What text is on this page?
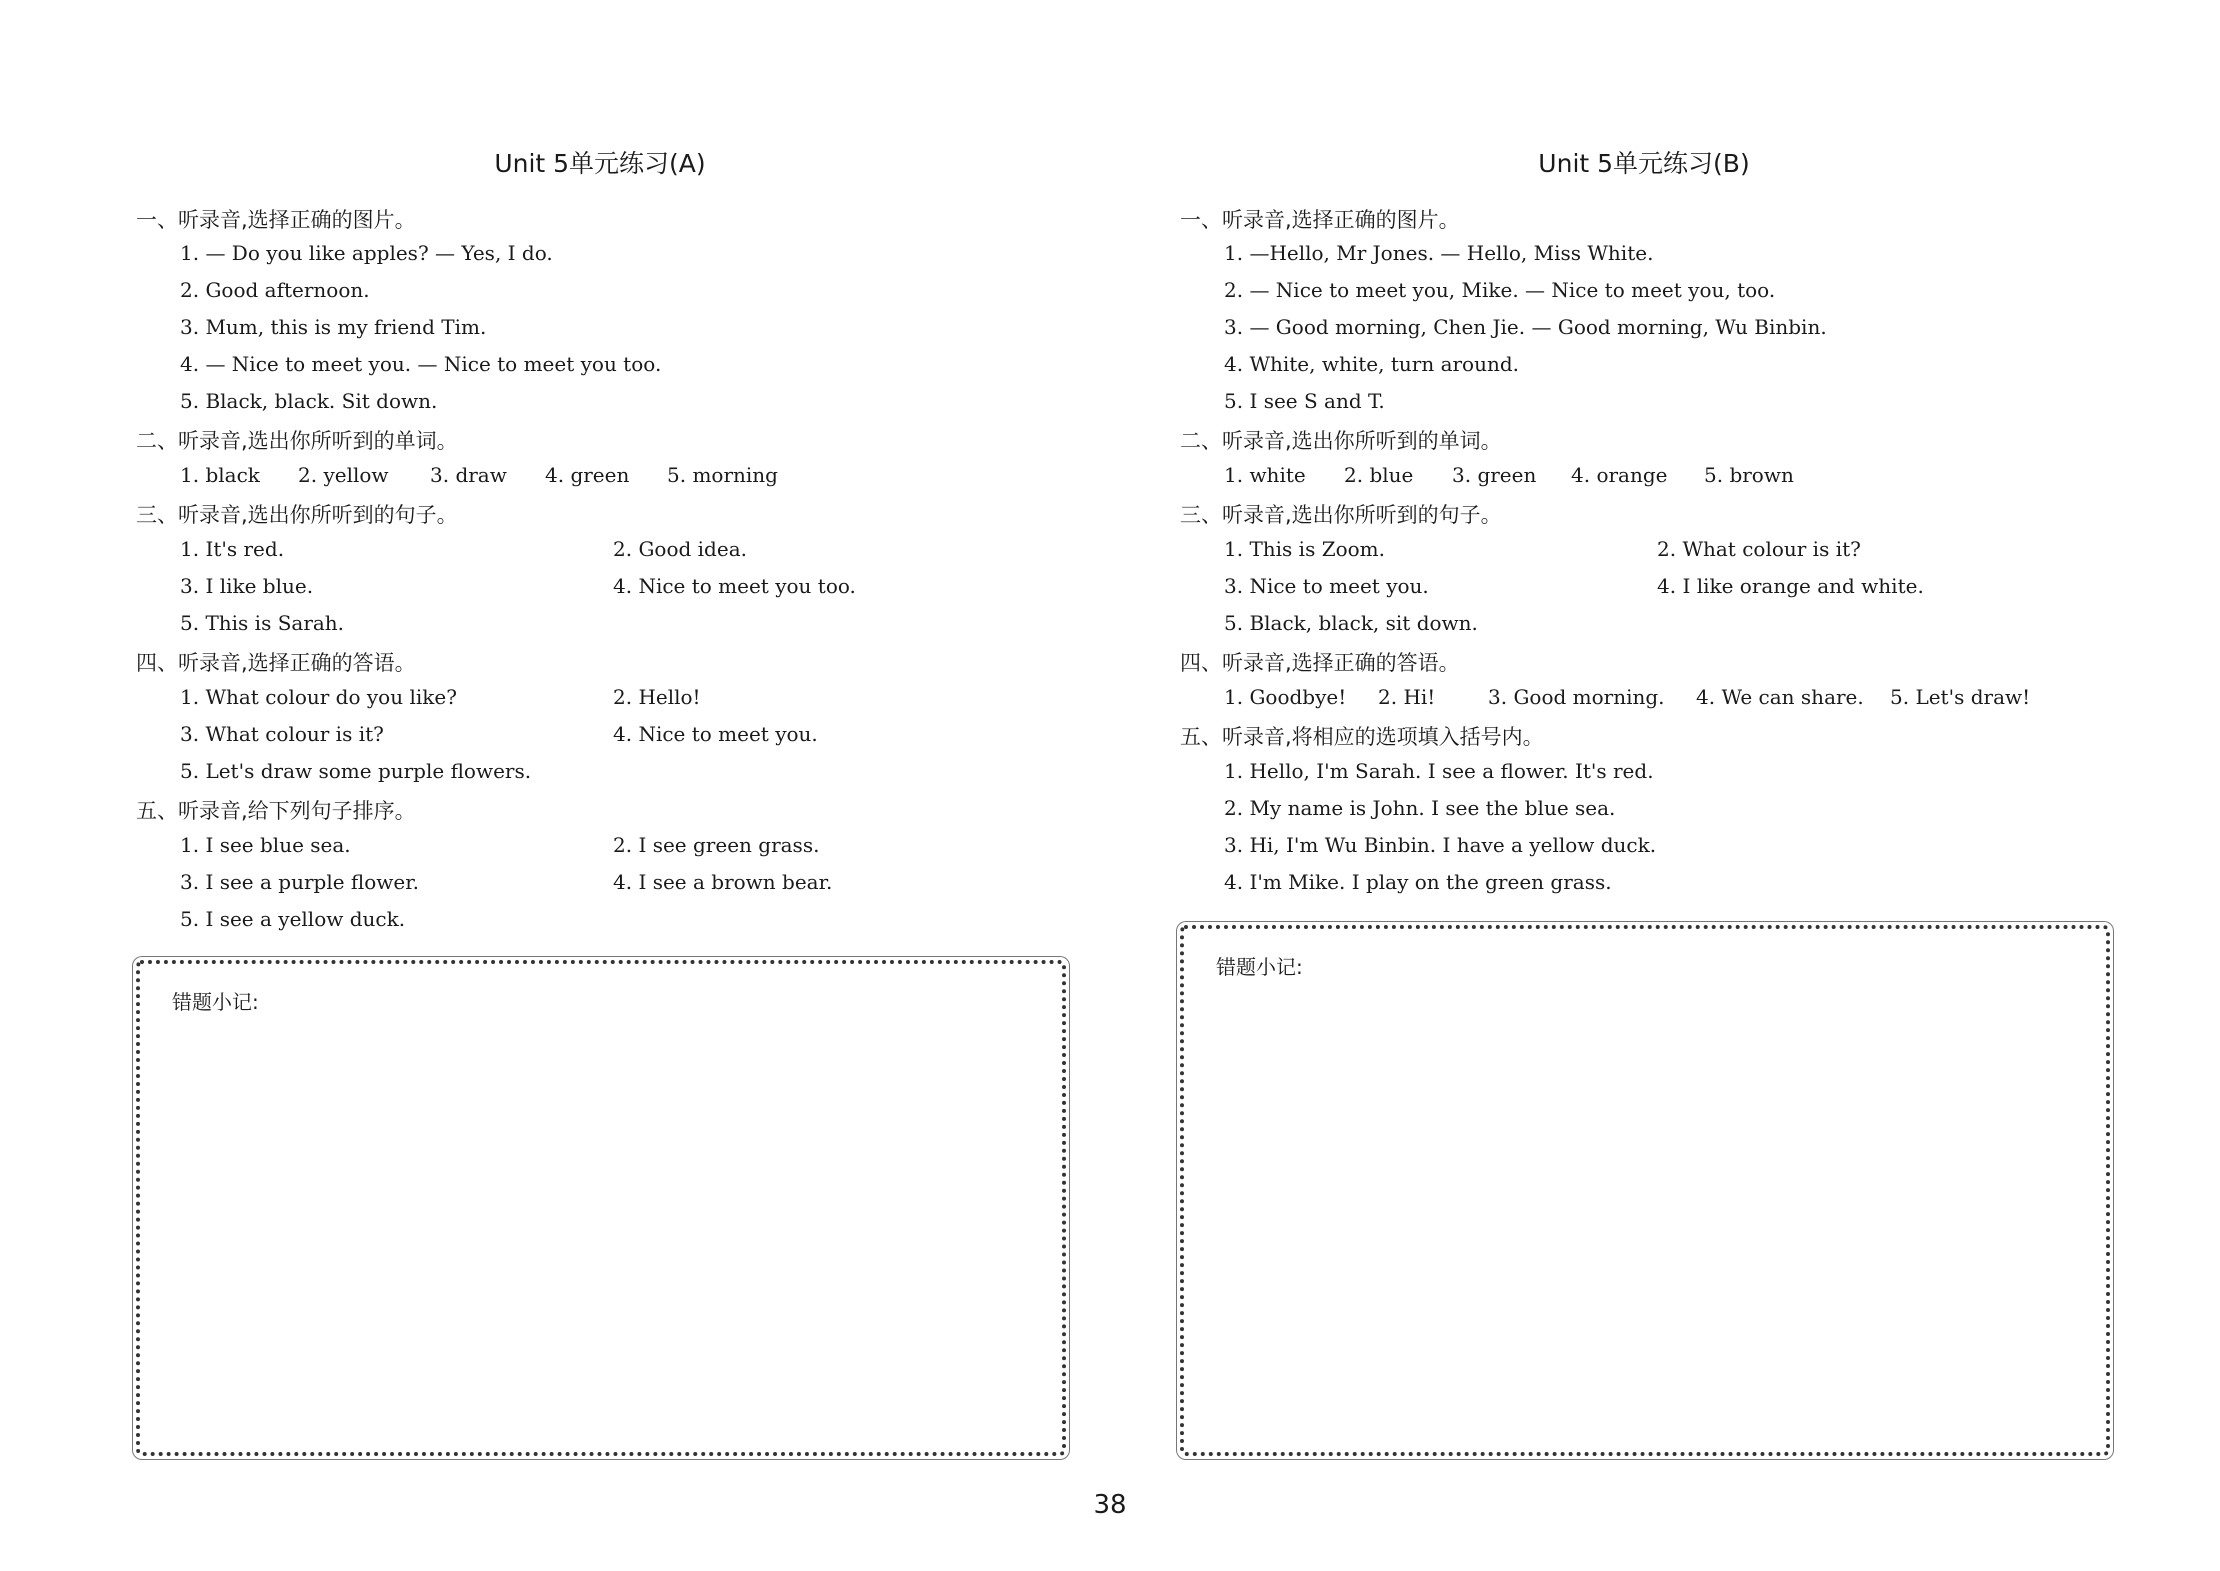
Unit 5单元练习(A)
一、听录音,选择正确的图片。
1. — Do you like apples? — Yes, I do.
2. Good afternoon.
3. Mum, this is my friend Tim.
4. — Nice to meet you. — Nice to meet you too.
5. Black, black. Sit down.
二、听录音,选出你所听到的单词。
1. black 2. yellow 3. draw 4. green 5. morning
三、听录音,选出你所听到的句子。
1. It's red.	2. Good idea.
3. I like blue.	4. Nice to meet you too.
5. This is Sarah.
四、听录音,选择正确的答语。
1. What colour do you like?	2. Hello!
3. What colour is it?	4. Nice to meet you.
5. Let's draw some purple flowers.
五、听录音,给下列句子排序。
1. I see blue sea.	2. I see green grass.
3. I see a purple flower.	4. I see a brown bear.
5. I see a yellow duck.
错题小记:
Unit 5单元练习(B)
一、听录音,选择正确的图片。
1. —Hello, Mr Jones. — Hello, Miss White.
2. — Nice to meet you, Mike. — Nice to meet you, too.
3. — Good morning, Chen Jie. — Good morning, Wu Binbin.
4. White, white, turn around.
5. I see S and T.
二、听录音,选出你所听到的单词。
1. white 2. blue 3. green 4. orange 5. brown
三、听录音,选出你所听到的句子。
1. This is Zoom.	2. What colour is it?
3. Nice to meet you.	4. I like orange and white.
5. Black, black, sit down.
四、听录音,选择正确的答语。
1. Goodbye! 2. Hi!	3. Good morning. 4. We can share. 5. Let's draw!
五、听录音,将相应的选项填入括号内。
1. Hello, I'm Sarah. I see a flower. It's red.
2. My name is John. I see the blue sea.
3. Hi, I'm Wu Binbin. I have a yellow duck.
4. I'm Mike. I play on the green grass.
错题小记:
38
